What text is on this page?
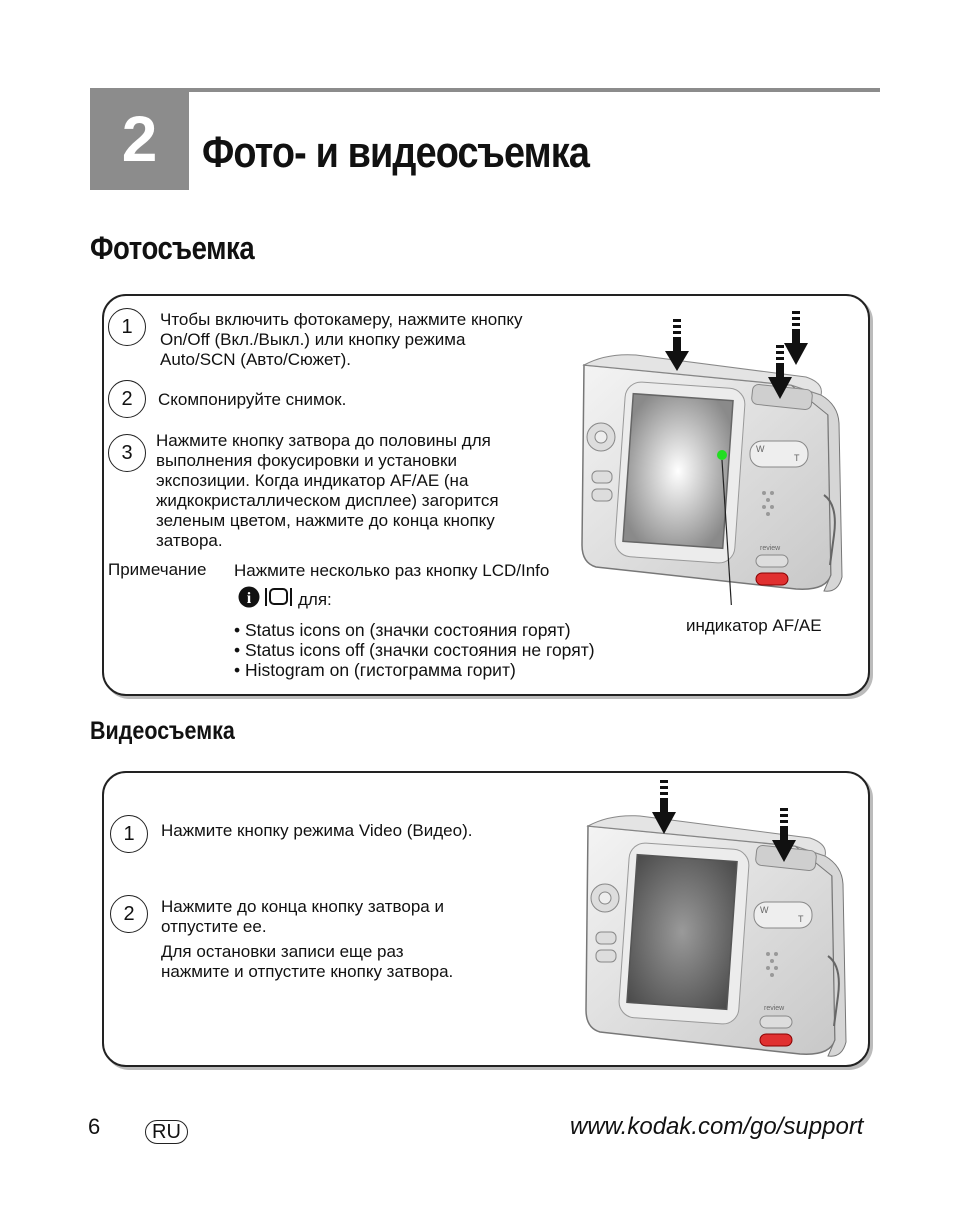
2	Фото- и видеосъемка
Фотосъемка
1	Чтобы включить фотокамеру, нажмите кнопку
On/Off (Вкл./Выкл.) или кнопку режима
Auto/SCN (Авто/Сюжет).
2	Скомпонируйте снимок.
3
Нажмите кнопку затвора до половины для
выполнения фокусировки и установки
экспозиции. Когда индикатор AF/AE (на
жидкокристаллическом дисплее) загорится
зеленым цветом, нажмите до конца кнопку
затвора.
Примечание Нажмите несколько раз кнопку LCD/Info
i	для:
• Status icons on (значки состояния горят)
• Status icons off (значки состояния не горят)
• Histogram on (гистограмма горит)
индикатор AF/AE
W
T
review
Видеосъемка
1	Нажмите кнопку режима Video (Видео).
2	Нажмите до конца кнопку затвора и
отпустите ее.
Для остановки записи еще раз
нажмите и отпустите кнопку затвора.
W
T
review
6	RU	www.kodak.com/go/support
